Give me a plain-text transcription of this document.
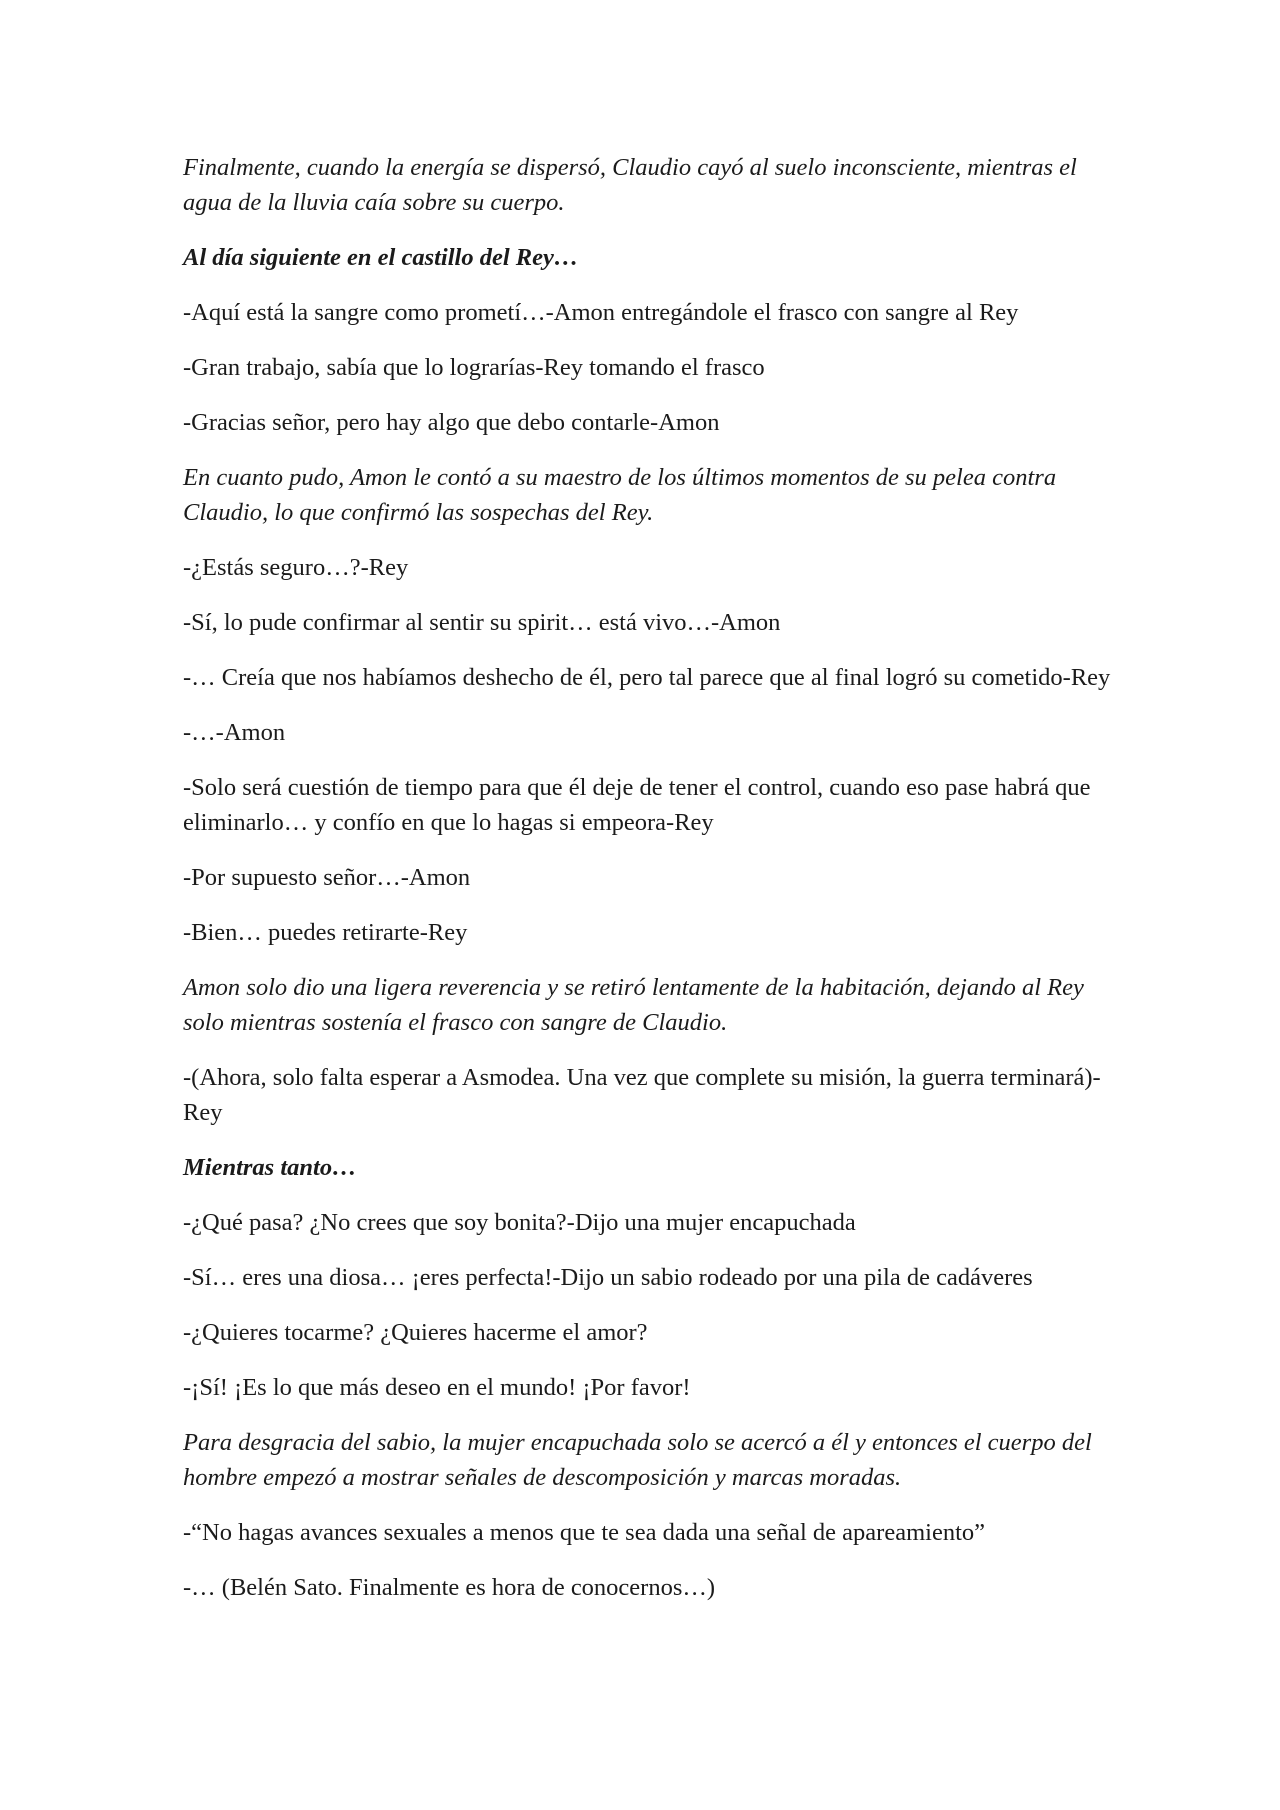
Finalmente, cuando la energía se dispersó, Claudio cayó al suelo inconsciente, mientras el agua de la lluvia caía sobre su cuerpo.

Al día siguiente en el castillo del Rey…

-Aquí está la sangre como prometí…-Amon entregándole el frasco con sangre al Rey

-Gran trabajo, sabía que lo lograrías-Rey tomando el frasco

-Gracias señor, pero hay algo que debo contarle-Amon

En cuanto pudo, Amon le contó a su maestro de los últimos momentos de su pelea contra Claudio, lo que confirmó las sospechas del Rey.

-¿Estás seguro…?-Rey

-Sí, lo pude confirmar al sentir su spirit… está vivo…-Amon

-… Creía que nos habíamos deshecho de él, pero tal parece que al final logró su cometido-Rey

-…-Amon

-Solo será cuestión de tiempo para que él deje de tener el control, cuando eso pase habrá que eliminarlo… y confío en que lo hagas si empeora-Rey

-Por supuesto señor…-Amon

-Bien… puedes retirarte-Rey

Amon solo dio una ligera reverencia y se retiró lentamente de la habitación, dejando al Rey solo mientras sostenía el frasco con sangre de Claudio.

-(Ahora, solo falta esperar a Asmodea. Una vez que complete su misión, la guerra terminará)-Rey

Mientras tanto…

-¿Qué pasa? ¿No crees que soy bonita?-Dijo una mujer encapuchada

-Sí… eres una diosa… ¡eres perfecta!-Dijo un sabio rodeado por una pila de cadáveres

-¿Quieres tocarme? ¿Quieres hacerme el amor?

-¡Sí! ¡Es lo que más deseo en el mundo! ¡Por favor!

Para desgracia del sabio, la mujer encapuchada solo se acercó a él y entonces el cuerpo del hombre empezó a mostrar señales de descomposición y marcas moradas.

-“No hagas avances sexuales a menos que te sea dada una señal de apareamiento”

-… (Belén Sato. Finalmente es hora de conocernos…)
